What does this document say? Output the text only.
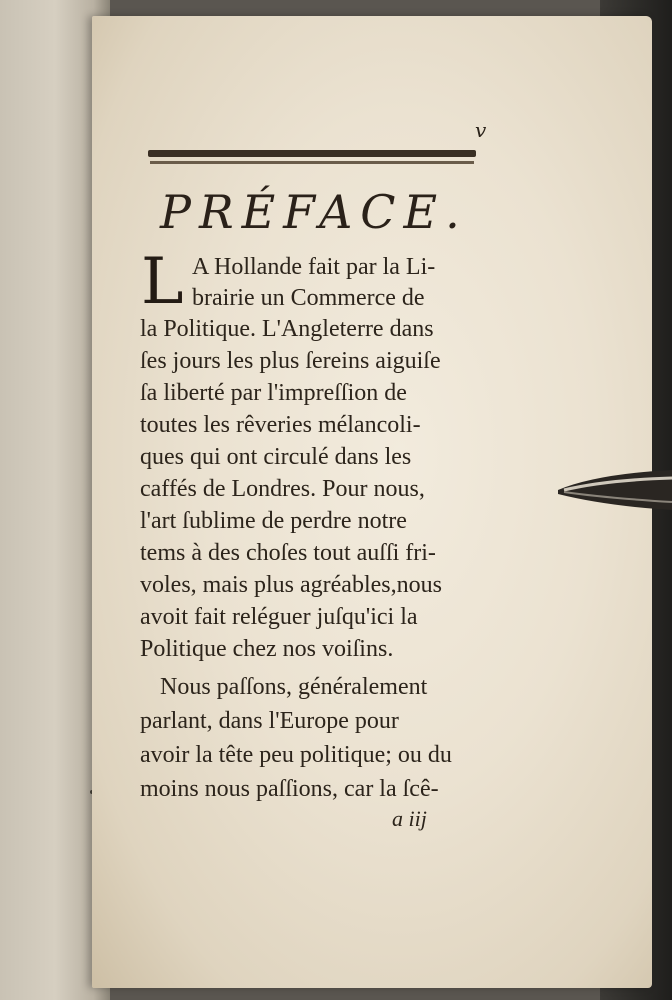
v
PRÉFACE.
L A Hollande fait par la Li-

brairie un Commerce de

la Politique. L'Angleterre dans

ſes jours les plus ſereins aiguiſe

ſa liberté par l'impreſſion de

toutes les rêveries mélancoli-

ques qui ont circulé dans les

caffés de Londres. Pour nous,

l'art ſublime de perdre notre

tems à des choſes tout auſſi fri-

voles, mais plus agréables,nous

avoit fait reléguer juſqu'ici la

Politique chez nos voiſins.

Nous paſſons, généralement

parlant, dans l'Europe pour

avoir la tête peu politique; ou du

moins nous paſſions, car la ſcê-

a iij
